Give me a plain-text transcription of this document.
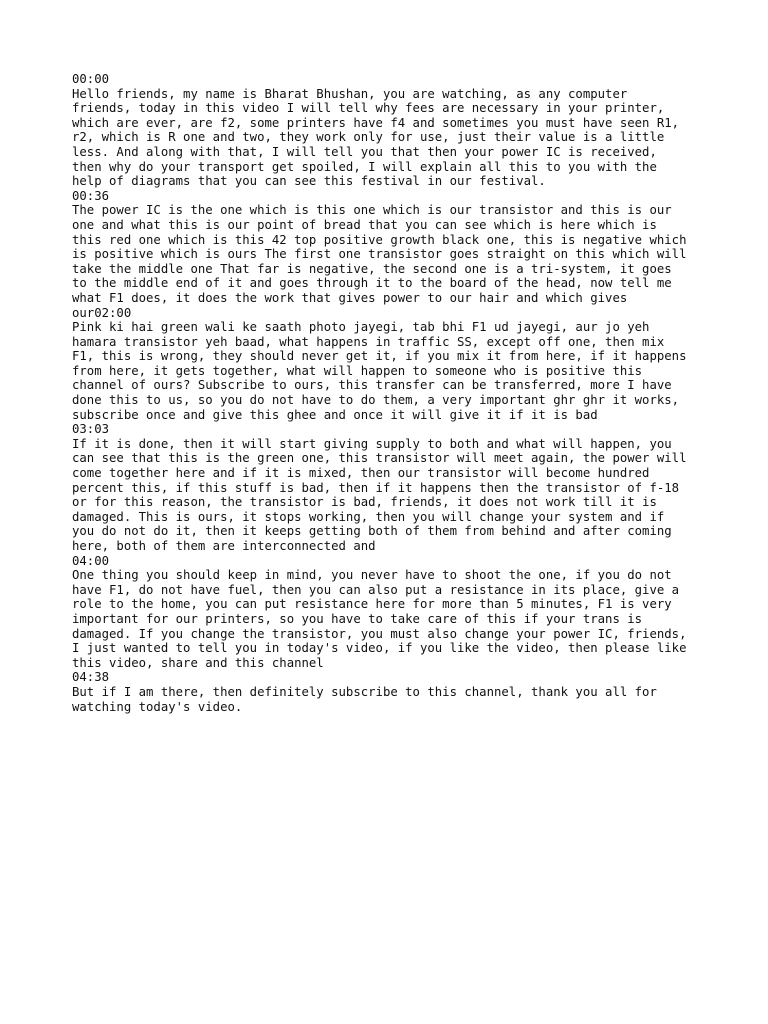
00:00
Hello friends, my name is Bharat Bhushan, you are watching, as any computer
friends, today in this video I will tell why fees are necessary in your printer,
which are ever, are f2, some printers have f4 and sometimes you must have seen R1,
r2, which is R one and two, they work only for use, just their value is a little
less. And along with that, I will tell you that then your power IC is received,
then why do your transport get spoiled, I will explain all this to you with the
help of diagrams that you can see this festival in our festival.
00:36
The power IC is the one which is this one which is our transistor and this is our
one and what this is our point of bread that you can see which is here which is
this red one which is this 42 top positive growth black one, this is negative which
is positive which is ours The first one transistor goes straight on this which will
take the middle one That far is negative, the second one is a tri-system, it goes
to the middle end of it and goes through it to the board of the head, now tell me
what F1 does, it does the work that gives power to our hair and which gives
our02:00
Pink ki hai green wali ke saath photo jayegi, tab bhi F1 ud jayegi, aur jo yeh
hamara transistor yeh baad, what happens in traffic SS, except off one, then mix
F1, this is wrong, they should never get it, if you mix it from here, if it happens
from here, it gets together, what will happen to someone who is positive this
channel of ours? Subscribe to ours, this transfer can be transferred, more I have
done this to us, so you do not have to do them, a very important ghr ghr it works,
subscribe once and give this ghee and once it will give it if it is bad
03:03
If it is done, then it will start giving supply to both and what will happen, you
can see that this is the green one, this transistor will meet again, the power will
come together here and if it is mixed, then our transistor will become hundred
percent this, if this stuff is bad, then if it happens then the transistor of f-18
or for this reason, the transistor is bad, friends, it does not work till it is
damaged. This is ours, it stops working, then you will change your system and if
you do not do it, then it keeps getting both of them from behind and after coming
here, both of them are interconnected and
04:00
One thing you should keep in mind, you never have to shoot the one, if you do not
have F1, do not have fuel, then you can also put a resistance in its place, give a
role to the home, you can put resistance here for more than 5 minutes, F1 is very
important for our printers, so you have to take care of this if your trans is
damaged. If you change the transistor, you must also change your power IC, friends,
I just wanted to tell you in today's video, if you like the video, then please like
this video, share and this channel
04:38
But if I am there, then definitely subscribe to this channel, thank you all for
watching today's video.
